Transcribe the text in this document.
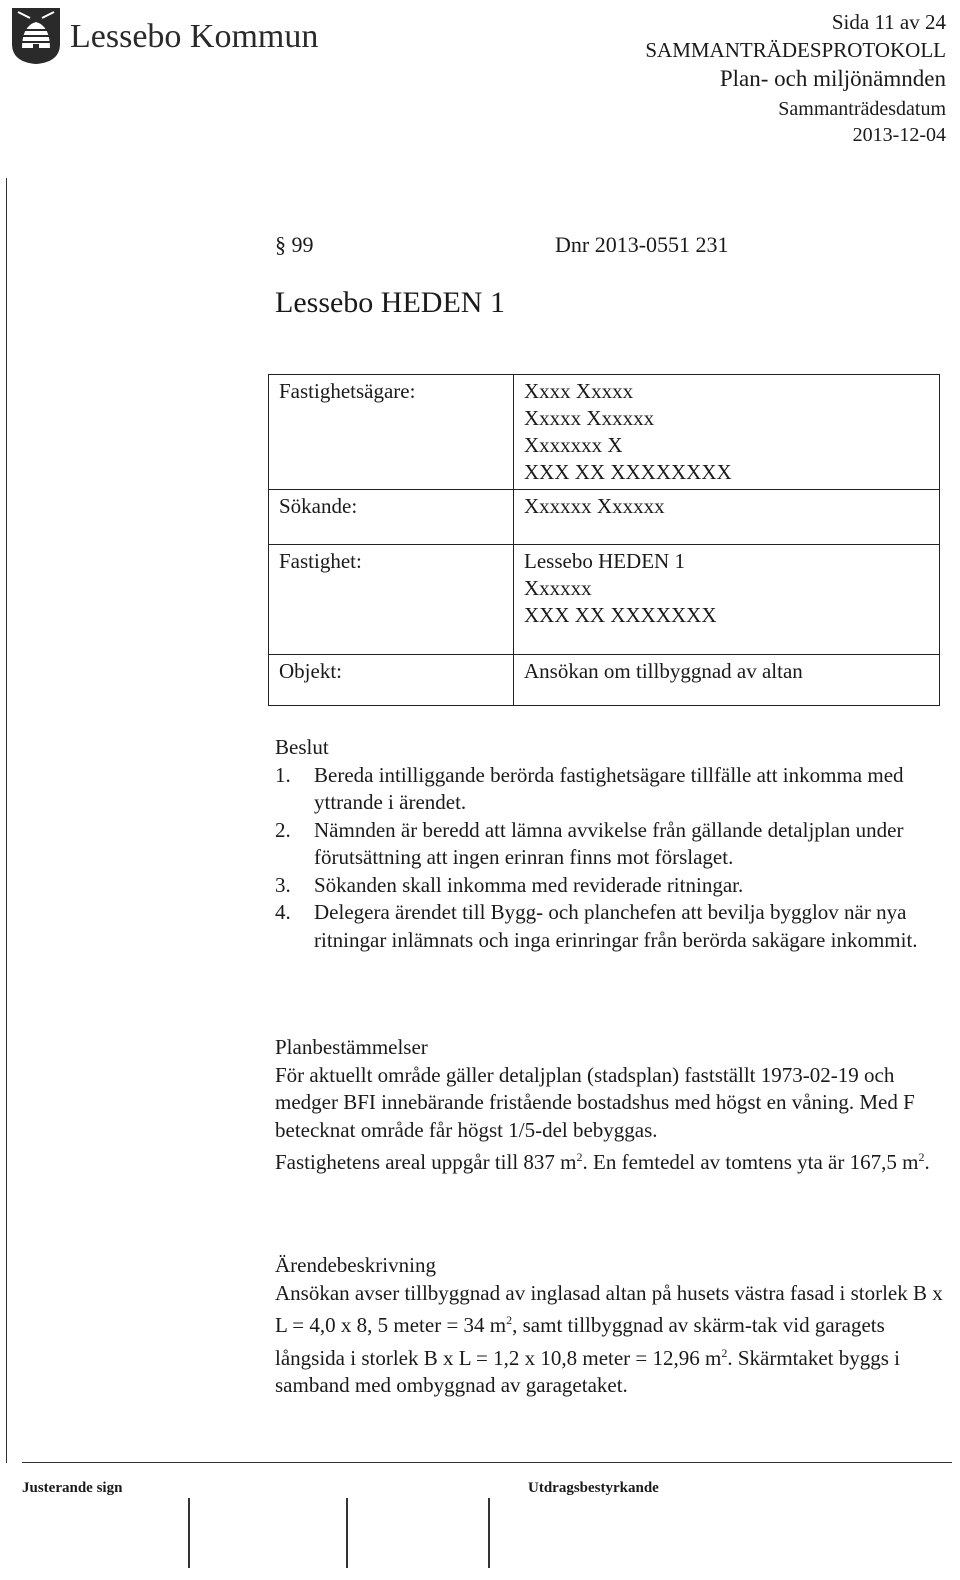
Lessebo Kommun	Sida 11 av 24
SAMMANTRÄDESPROTOKOLL
Plan- och miljönämnden
Sammanträdesdatum
2013-12-04
§ 99	Dnr 2013-0551 231
Lessebo HEDEN 1
Fastighetsägare:	Xxxx Xxxxx
Xxxxx Xxxxxx
Xxxxxxx X
XXX XX XXXXXXXX

Sökande:	Xxxxxx Xxxxxx
Fastighet:	Lessebo HEDEN 1
Xxxxxx
XXX XX XXXXXXX

Objekt:	Ansökan om tillbyggnad av altan

Beslut

1. Bereda intilliggande berörda fastighetsägare tillfälle att inkomma med yttrande i ärendet.
2. Nämnden är beredd att lämna avvikelse från gällande detaljplan under förutsättning att ingen erinran finns mot förslaget.
3. Sökanden skall inkomma med reviderade ritningar.
4. Delegera ärendet till Bygg- och planchefen att bevilja bygglov när nya ritningar inlämnats och inga erinringar från berörda sakägare inkommit.

Planbestämmelser

För aktuellt område gäller detaljplan (stadsplan) fastställt 1973-02-19 och medger BFI innebärande fristående bostadshus med högst en våning. Med F betecknat område får högst 1/5-del bebyggas.

Fastighetens areal uppgår till 837 $m^2$. En femtedel av tomtens yta är 167,5 $m^2$.

Ärendebeskrivning

Ansökan avser tillbyggnad av inglasad altan på husets västra fasad i storlek B x L = 4,0 x 8, 5 meter = 34 $m^2$, samt tillbyggnad av skärm-tak vid garagets långsida i storlek B x L = 1,2 x 10,8 meter = 12,96 $m^2$. Skärmtaket byggs i samband med ombyggnad av garagetaket.

Justerande sign	Utdragsbestyrkande
